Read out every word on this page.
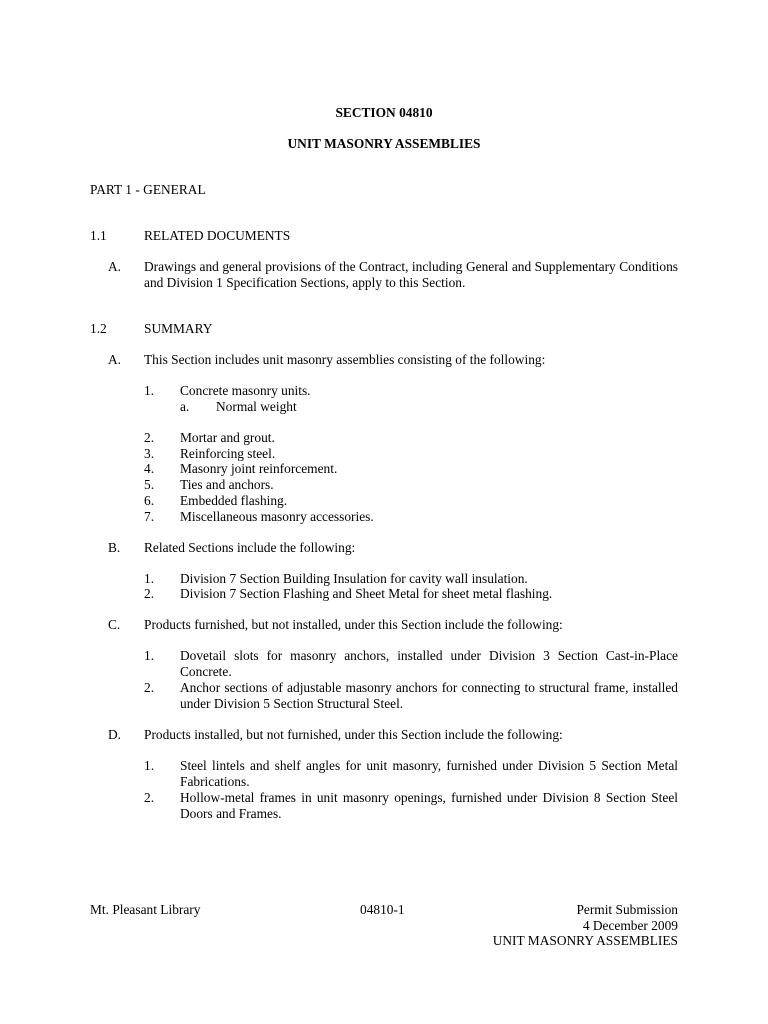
SECTION 04810
UNIT MASONRY ASSEMBLIES
PART 1 - GENERAL
1.1	RELATED DOCUMENTS
A. Drawings and general provisions of the Contract, including General and Supplementary Conditions and Division 1 Specification Sections, apply to this Section.
1.2	SUMMARY
A. This Section includes unit masonry assemblies consisting of the following:
1. Concrete masonry units.
a. Normal weight
2. Mortar and grout.
3. Reinforcing steel.
4. Masonry joint reinforcement.
5. Ties and anchors.
6. Embedded flashing.
7. Miscellaneous masonry accessories.
B. Related Sections include the following:
1. Division 7 Section Building Insulation for cavity wall insulation.
2. Division 7 Section Flashing and Sheet Metal for sheet metal flashing.
C. Products furnished, but not installed, under this Section include the following:
1. Dovetail slots for masonry anchors, installed under Division 3 Section Cast-in-Place Concrete.
2. Anchor sections of adjustable masonry anchors for connecting to structural frame, installed under Division 5 Section Structural Steel.
D. Products installed, but not furnished, under this Section include the following:
1. Steel lintels and shelf angles for unit masonry, furnished under Division 5 Section Metal Fabrications.
2. Hollow-metal frames in unit masonry openings, furnished under Division 8 Section Steel Doors and Frames.
Mt. Pleasant Library	04810-1	Permit Submission
4 December 2009
UNIT MASONRY ASSEMBLIES
